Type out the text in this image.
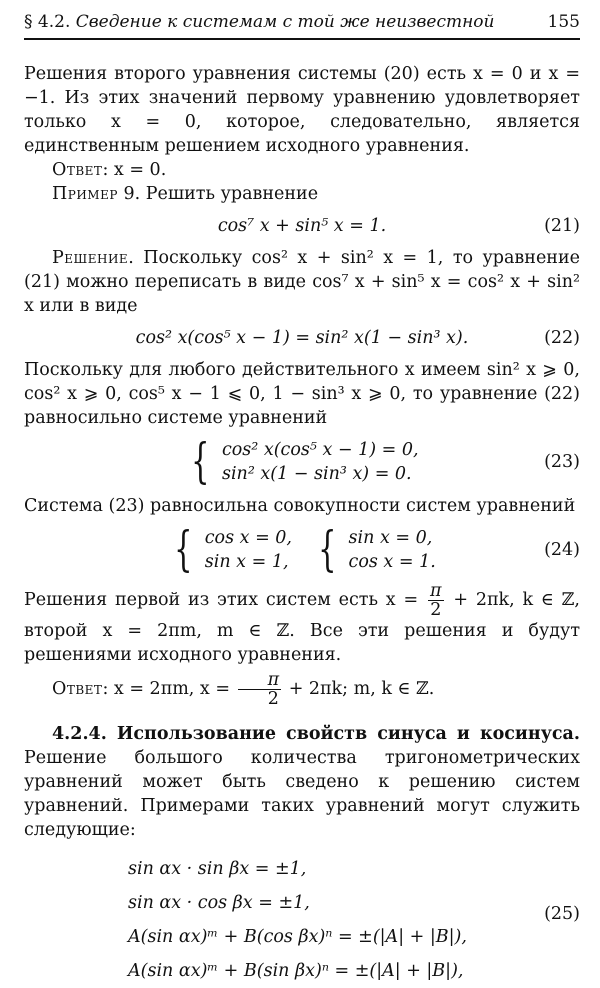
§ 4.2. Сведение к системам с той же неизвестной	155

Решения второго уравнения системы (20) есть x = 0 и x = −1. Из этих значений первому уравнению удовлетворяет только x = 0, которое, следовательно, является единственным решением исходного уравнения.

Ответ: x = 0.

Пример 9. Решить уравнение

cos⁷ x + sin⁵ x = 1.	(21)

Решение. Поскольку cos² x + sin² x = 1, то уравнение (21) можно переписать в виде cos⁷ x + sin⁵ x = cos² x + sin² x или в виде

cos² x(cos⁵ x − 1) = sin² x(1 − sin³ x).	(22)

Поскольку для любого действительного x имеем sin² x ⩾ 0, cos² x ⩾ 0, cos⁵ x − 1 ⩽ 0, 1 − sin³ x ⩾ 0, то уравнение (22) равносильно системе уравнений

{ cos² x(cos⁵ x − 1) = 0,
sin² x(1 − sin³ x) = 0.
(23)

Система (23) равносильна совокупности систем уравнений

{ cos x = 0,
sin x = 1, { sin x = 0,
cos x = 1.
(24)

Решения первой из этих систем есть $x = \frac{\pi}{2} + 2\pi k$, k ∈ ℤ, второй x = 2πm, m ∈ ℤ. Все эти решения и будут решениями исходного уравнения.

Ответ: x = 2πm, $x = \frac{\pi}{2} + 2\pi k$; m, k ∈ ℤ.

4.2.4. Использование свойств синуса и косинуса. Решение большого количества тригонометрических уравнений может быть сведено к решению систем уравнений. Примерами таких уравнений могут служить следующие:

sin αx · sin βx = ±1,
sin αx · cos βx = ±1,
A(sin αx)ᵐ + B(cos βx)ⁿ = ±(|A| + |B|),
A(sin αx)ᵐ + B(sin βx)ⁿ = ±(|A| + |B|),
(25)
